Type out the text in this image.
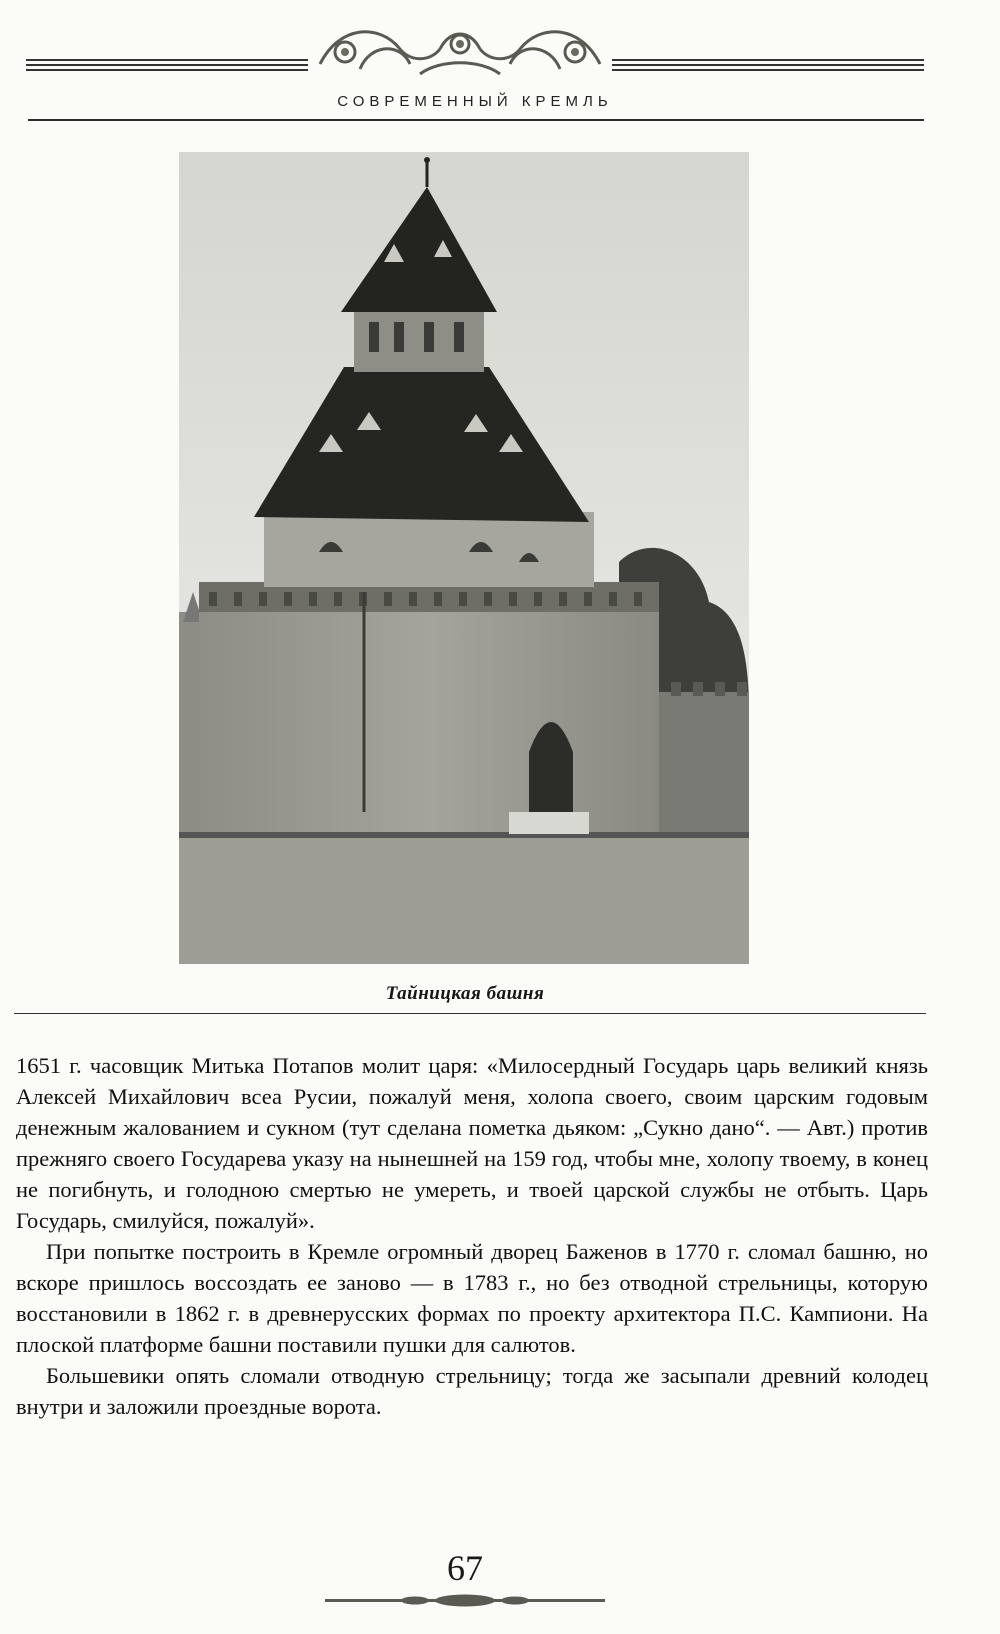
СОВРЕМЕННЫЙ КРЕМЛЬ
Тайницкая башня

1651 г. часовщик Митька Потапов молит царя: «Милосердный Государь царь великий князь Алексей Михайлович всеа Русии, пожалуй меня, холопа своего, своим царским годовым денежным жалованием и сукном (тут сделана пометка дьяком: „Сукно дано“. — Авт.) против прежняго своего Государева указу на нынешней на 159 год, чтобы мне, холопу твоему, в конец не погибнуть, и голодною смертью не умереть, и твоей царской службы не отбыть. Царь Государь, смилуйся, пожалуй».

При попытке построить в Кремле огромный дворец Баженов в 1770 г. сломал башню, но вскоре пришлось воссоздать ее заново — в 1783 г., но без отводной стрельницы, которую восстановили в 1862 г. в древнерусских формах по проекту архитектора П.С. Кампиони. На плоской платформе башни поставили пушки для салютов.

Большевики опять сломали отводную стрельницу; тогда же засыпали древний колодец внутри и заложили проездные ворота.

67
